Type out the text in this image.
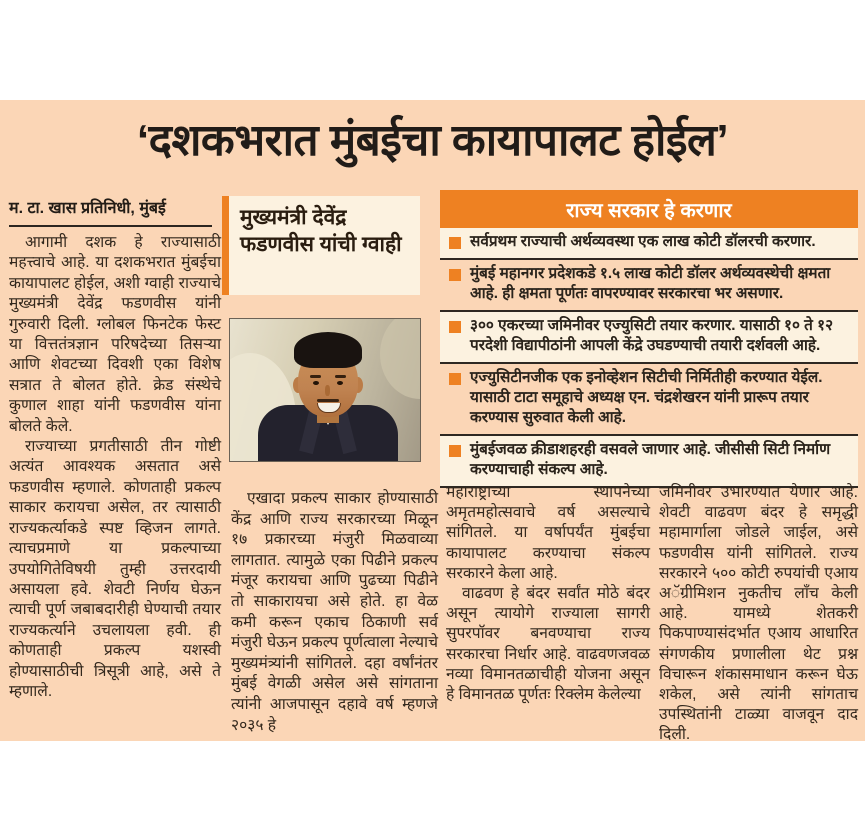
‘दशकभरात मुंबईचा कायापालट होईल’
म. टा. खास प्रतिनिधी, मुंबई

आगामी दशक हे राज्यासाठी महत्त्वाचे आहे. या दशकभरात मुंबईचा कायापालट होईल, अशी ग्वाही राज्याचे मुख्यमंत्री देवेंद्र फडणवीस यांनी गुरुवारी दिली. ग्लोबल फिनटेक फेस्ट या वित्ततंत्रज्ञान परिषदेच्या तिसऱ्या आणि शेवटच्या दिवशी एका विशेष सत्रात ते बोलत होते. क्रेड संस्थेचे कुणाल शाहा यांनी फडणवीस यांना बोलते केले.

राज्याच्या प्रगतीसाठी तीन गोष्टी अत्यंत आवश्यक असतात असे फडणवीस म्हणाले. कोणताही प्रकल्प साकार करायचा असेल, तर त्यासाठी राज्यकर्त्याकडे स्पष्ट व्हिजन लागते. त्याचप्रमाणे या प्रकल्पाच्या उपयोगितेविषयी तुम्ही उत्तरदायी असायला हवे. शेवटी निर्णय घेऊन त्याची पूर्ण जबाबदारीही घेण्याची तयार राज्यकर्त्याने उचलायला हवी. ही कोणताही प्रकल्प यशस्वी होण्यासाठीची त्रिसूत्री आहे, असे ते म्हणाले.

मुख्यमंत्री देवेंद्र फडणवीस यांची ग्वाही
राज्य सरकार हे करणार
सर्वप्रथम राज्याची अर्थव्यवस्था एक लाख कोटी डॉलरची करणार.
मुंबई महानगर प्रदेशकडे १.५ लाख कोटी डॉलर अर्थव्यवस्थेची क्षमता आहे. ही क्षमता पूर्णतः वापरण्यावर सरकारचा भर असणार.
३०० एकरच्या जमिनीवर एज्युसिटी तयार करणार. यासाठी १० ते १२ परदेशी विद्यापीठांनी आपली केंद्रे उघडण्याची तयारी दर्शवली आहे.
एज्युसिटीनजीक एक इनोव्हेशन सिटीची निर्मितीही करण्यात येईल. यासाठी टाटा समूहाचे अध्यक्ष एन. चंद्रशेखरन यांनी प्रारूप तयार करण्यास सुरुवात केली आहे.
मुंबईजवळ क्रीडाशहरही वसवले जाणार आहे. जीसीसी सिटी निर्माण करण्याचाही संकल्प आहे.

एखादा प्रकल्प साकार होण्यासाठी केंद्र आणि राज्य सरकारच्या मिळून १७ प्रकारच्या मंजुरी मिळवाव्या लागतात. त्यामुळे एका पिढीने प्रकल्प मंजूर करायचा आणि पुढच्या पिढीने तो साकारायचा असे होते. हा वेळ कमी करून एकाच ठिकाणी सर्व मंजुरी घेऊन प्रकल्प पूर्णत्वाला नेल्याचे मुख्यमंत्र्यांनी सांगितले. दहा वर्षांनंतर मुंबई वेगळी असेल असे सांगताना त्यांनी आजपासून दहावे वर्ष म्हणजे २०३५ हे

महाराष्ट्राच्या स्थापनेच्या अमृतमहोत्सवाचे वर्ष असल्याचे सांगितले. या वर्षापर्यंत मुंबईचा कायापालट करण्याचा संकल्प सरकारने केला आहे.

वाढवण हे बंदर सर्वांत मोठे बंदर असून त्यायोगे राज्याला सागरी सुपरपॉवर बनवण्याचा राज्य सरकारचा निर्धार आहे. वाढवणजवळ नव्या विमानतळाचीही योजना असून हे विमानतळ पूर्णतः रिक्लेम केलेल्या

जमिनीवर उभारण्यात येणार आहे. शेवटी वाढवण बंदर हे समृद्धी महामार्गाला जोडले जाईल, असे फडणवीस यांनी सांगितले. राज्य सरकारने ५०० कोटी रुपयांची एआय अॅग्रीमिशन नुकतीच लाँच केली आहे. यामध्ये शेतकरी पिकपाण्यासंदर्भात एआय आधारित संगणकीय प्रणालीला थेट प्रश्न विचारून शंकासमाधान करून घेऊ शकेल, असे त्यांनी सांगताच उपस्थितांनी टाळ्या वाजवून दाद दिली.
